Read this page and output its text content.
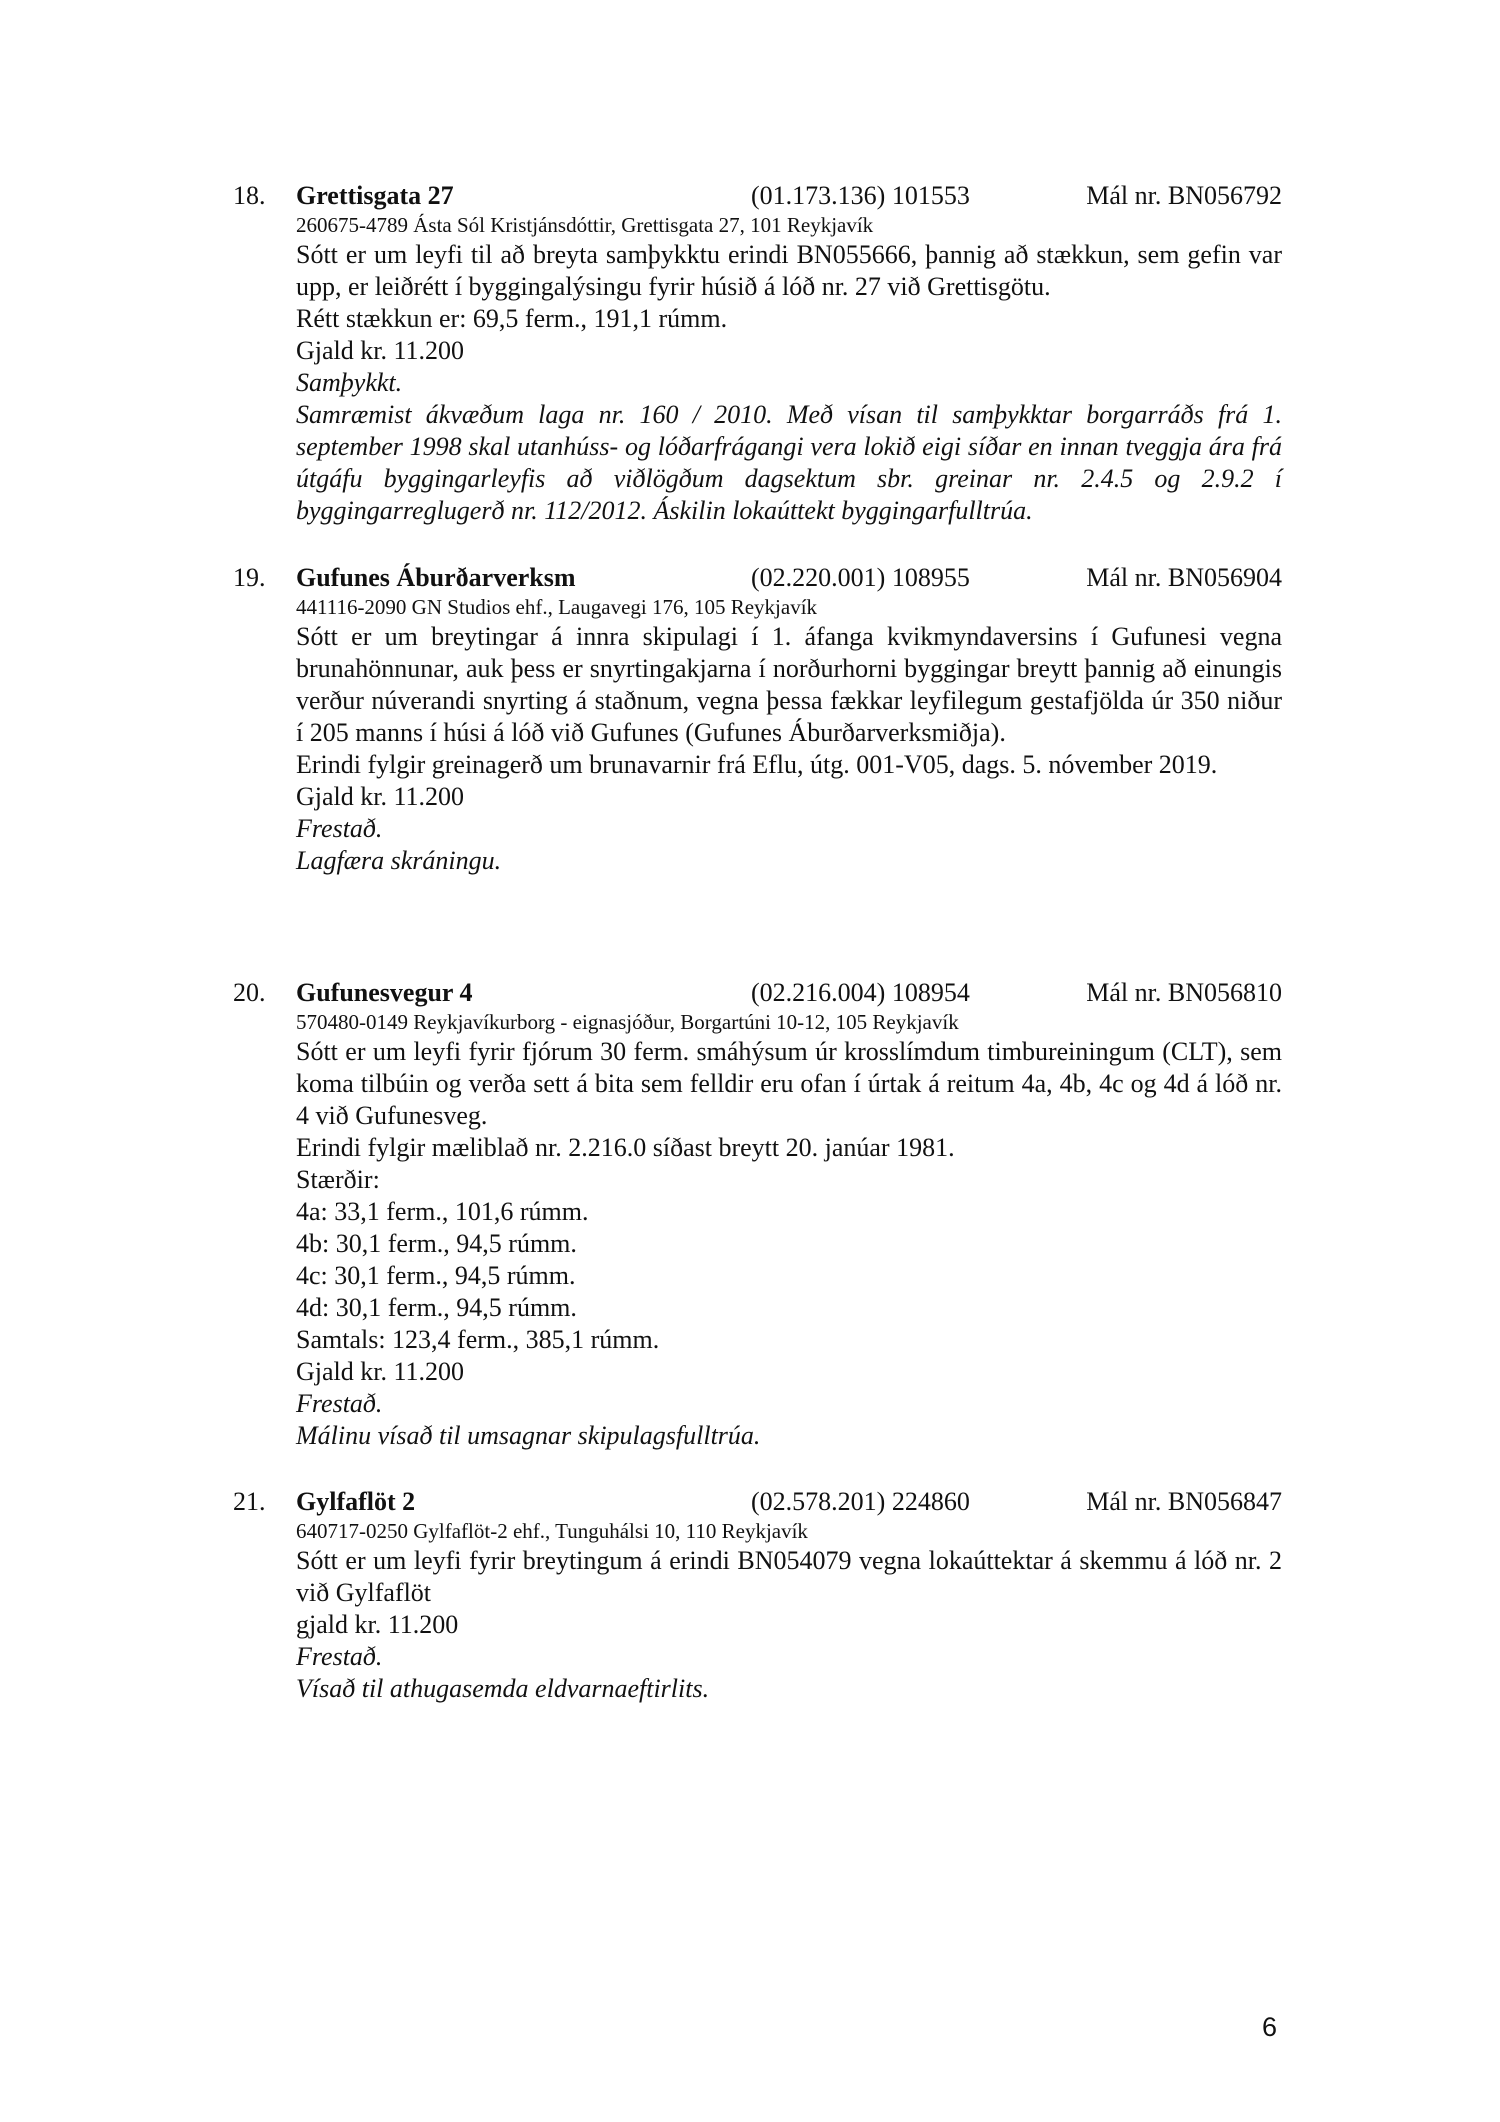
18. Grettisgata 27	(01.173.136) 101553	Mál nr. BN056792
260675-4789 Ásta Sól Kristjánsdóttir, Grettisgata 27, 101 Reykjavík
Sótt er um leyfi til að breyta samþykktu erindi BN055666, þannig að stækkun, sem gefin var upp, er leiðrétt í byggingalýsingu fyrir húsið á lóð nr. 27 við Grettisgötu.
Rétt stækkun er: 69,5 ferm., 191,1 rúmm.
Gjald kr. 11.200
Samþykkt.
Samræmist ákvæðum laga nr. 160 / 2010. Með vísan til samþykktar borgarráðs frá 1. september 1998 skal utanhúss- og lóðarfrágangi vera lokið eigi síðar en innan tveggja ára frá útgáfu byggingarleyfis að viðlögðum dagsektum sbr. greinar nr. 2.4.5 og 2.9.2 í byggingarreglugerð nr. 112/2012. Áskilin lokaúttekt byggingarfulltrúa.
19. Gufunes Áburðarverksm	(02.220.001) 108955	Mál nr. BN056904
441116-2090 GN Studios ehf., Laugavegi 176, 105 Reykjavík
Sótt er um breytingar á innra skipulagi í 1. áfanga kvikmyndaversins í Gufunesi vegna brunahönnunar, auk þess er snyrtingakjarna í norðurhorni byggingar breytt þannig að einungis verður núverandi snyrting á staðnum, vegna þessa fækkar leyfilegum gestafjölda úr 350 niður í 205 manns í húsi á lóð við Gufunes (Gufunes Áburðarverksmiðja).
Erindi fylgir greinagerð um brunavarnir frá Eflu, útg. 001-V05, dags. 5. nóvember 2019.
Gjald kr. 11.200
Frestað.
Lagfæra skráningu.
20. Gufunesvegur 4	(02.216.004) 108954	Mál nr. BN056810
570480-0149 Reykjavíkurborg - eignasjóður, Borgartúni 10-12, 105 Reykjavík
Sótt er um leyfi fyrir fjórum 30 ferm. smáhýsum úr krosslímdum timbureiningum (CLT), sem koma tilbúin og verða sett á bita sem felldir eru ofan í úrtak á reitum 4a, 4b, 4c og 4d á lóð nr. 4 við Gufunesveg.
Erindi fylgir mæliblað nr. 2.216.0 síðast breytt 20. janúar 1981.
Stærðir:
4a: 33,1 ferm., 101,6 rúmm.
4b: 30,1 ferm., 94,5 rúmm.
4c: 30,1 ferm., 94,5 rúmm.
4d: 30,1 ferm., 94,5 rúmm.
Samtals: 123,4 ferm., 385,1 rúmm.
Gjald kr. 11.200
Frestað.
Málinu vísað til umsagnar skipulagsfulltrúa.
21. Gylfaflöt 2	(02.578.201) 224860	Mál nr. BN056847
640717-0250 Gylfaflöt-2 ehf., Tunguhálsi 10, 110 Reykjavík
Sótt er um leyfi fyrir breytingum á erindi BN054079 vegna lokaúttektar á skemmu á lóð nr. 2 við Gylfaflöt
gjald kr. 11.200
Frestað.
Vísað til athugasemda eldvarnaeftirlits.
6
